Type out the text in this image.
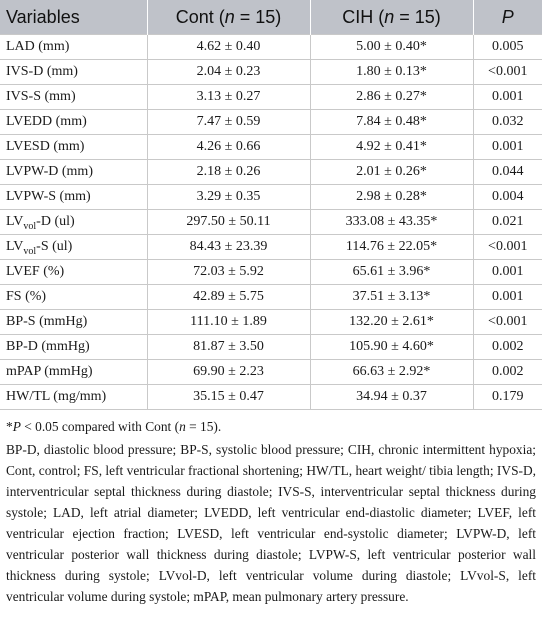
Variables	Cont (n = 15)	CIH (n = 15)	P
LAD (mm)	4.62 ± 0.40	5.00 ± 0.40*	0.005
IVS-D (mm)	2.04 ± 0.23	1.80 ± 0.13*	<0.001
IVS-S (mm)	3.13 ± 0.27	2.86 ± 0.27*	0.001
LVEDD (mm)	7.47 ± 0.59	7.84 ± 0.48*	0.032
LVESD (mm)	4.26 ± 0.66	4.92 ± 0.41*	0.001
LVPW-D (mm)	2.18 ± 0.26	2.01 ± 0.26*	0.044
LVPW-S (mm)	3.29 ± 0.35	2.98 ± 0.28*	0.004
$LV_{vol}-D$ (ul)	297.50 ± 50.11	333.08 ± 43.35*	0.021
$LV_{vol}-S$ (ul)	84.43 ± 23.39	114.76 ± 22.05*	<0.001
LVEF (%)	72.03 ± 5.92	65.61 ± 3.96*	0.001
FS (%)	42.89 ± 5.75	37.51 ± 3.13*	0.001
BP-S (mmHg)	111.10 ± 1.89	132.20 ± 2.61*	<0.001
BP-D (mmHg)	81.87 ± 3.50	105.90 ± 4.60*	0.002
mPAP (mmHg)	69.90 ± 2.23	66.63 ± 2.92*	0.002
HW/TL (mg/mm)	35.15 ± 0.47	34.94 ± 0.37	0.179
*P < 0.05 compared with Cont (n = 15).
BP-D, diastolic blood pressure; BP-S, systolic blood pressure; CIH, chronic intermittent hypoxia; Cont, control; FS, left ventricular fractional shortening; HW/TL, heart weight/ tibia length; IVS-D, interventricular septal thickness during diastole; IVS-S, interventricular septal thickness during systole; LAD, left atrial diameter; LVEDD, left ventricular end-diastolic diameter; LVEF, left ventricular ejection fraction; LVESD, left ventricular end-systolic diameter; LVPW-D, left ventricular posterior wall thickness during diastole; LVPW-S, left ventricular posterior wall thickness during systole; LVvol-D, left ventricular volume during diastole; LVvol-S, left ventricular volume during systole; mPAP, mean pulmonary artery pressure.
